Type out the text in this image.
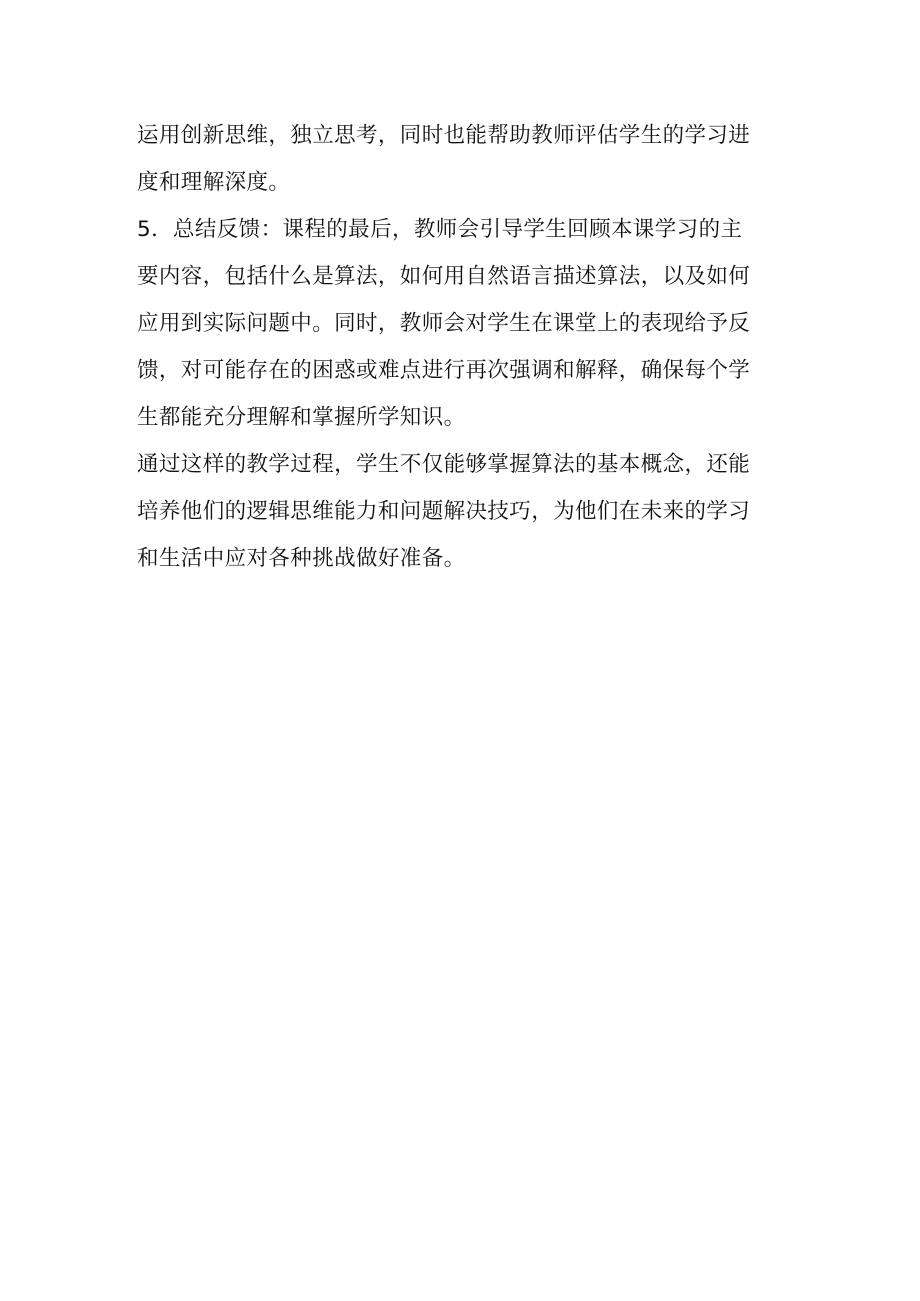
运用创新思维，独立思考，同时也能帮助教师评估学生的学习进
度和理解深度。
5．总结反馈：课程的最后，教师会引导学生回顾本课学习的主
要内容，包括什么是算法，如何用自然语言描述算法，以及如何
应用到实际问题中。同时，教师会对学生在课堂上的表现给予反
馈，对可能存在的困惑或难点进行再次强调和解释，确保每个学
生都能充分理解和掌握所学知识。
通过这样的教学过程，学生不仅能够掌握算法的基本概念，还能
培养他们的逻辑思维能力和问题解决技巧，为他们在未来的学习
和生活中应对各种挑战做好准备。
